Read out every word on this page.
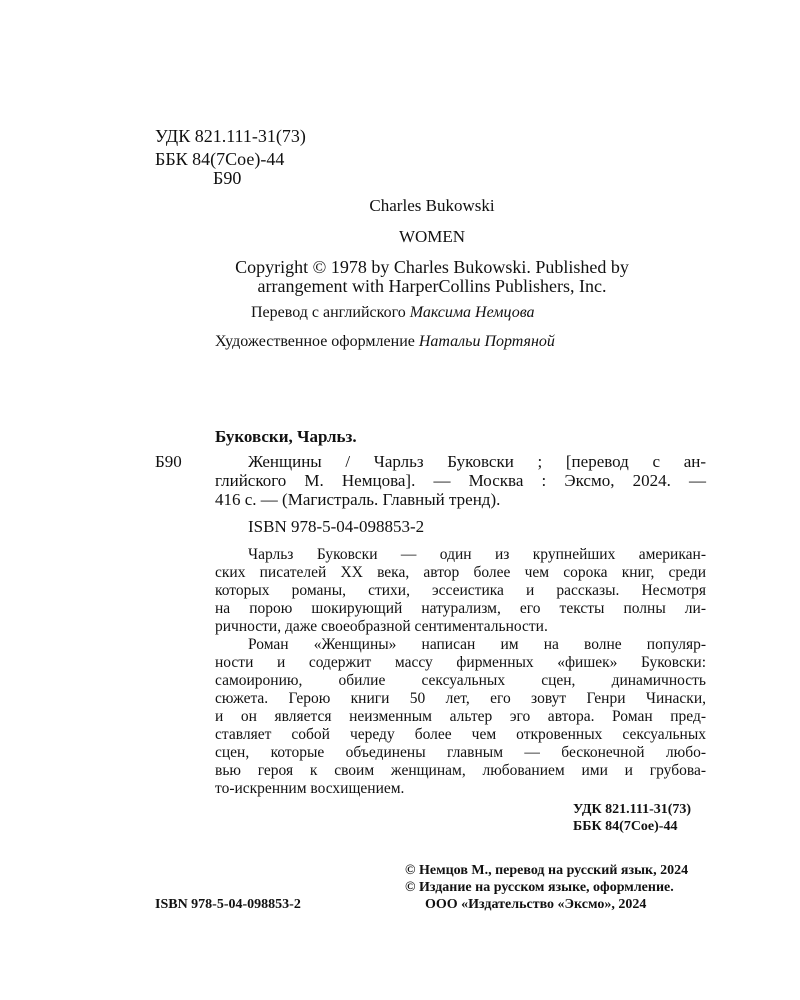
УДК 821.111-31(73)
ББК 84(7Сое)-44
Б90
Charles Bukowski
WOMEN
Copyright © 1978 by Charles Bukowski. Published by
arrangement with HarperCollins Publishers, Inc.
Перевод с английского Максима Немцова
Художественное оформление Натальи Портяной
Буковски, Чарльз.
Б90	Женщины / Чарльз Буковски ; [перевод с ан-
глийского М. Немцова]. — Москва : Эксмо, 2024. —
416 с. — (Магистраль. Главный тренд).
ISBN 978-5-04-098853-2
Чарльз Буковски — один из крупнейших американ-
ских писателей XX века, автор более чем сорока книг, среди
которых романы, стихи, эссеистика и рассказы. Несмотря
на порою шокирующий натурализм, его тексты полны ли-
ричности, даже своеобразной сентиментальности.
Роман «Женщины» написан им на волне популяр-
ности и содержит массу фирменных «фишек» Буковски:
самоиронию, обилие сексуальных сцен, динамичность
сюжета. Герою книги 50 лет, его зовут Генри Чинаски,
и он является неизменным альтер эго автора. Роман пред-
ставляет собой череду более чем откровенных сексуальных
сцен, которые объединены главным — бесконечной любо-
вью героя к своим женщинам, любованием ими и грубова-
то-искренним восхищением.
УДК 821.111-31(73)
ББК 84(7Сое)-44
© Немцов М., перевод на русский язык, 2024
© Издание на русском языке, оформление.
ООО «Издательство «Эксмо», 2024
ISBN 978-5-04-098853-2
